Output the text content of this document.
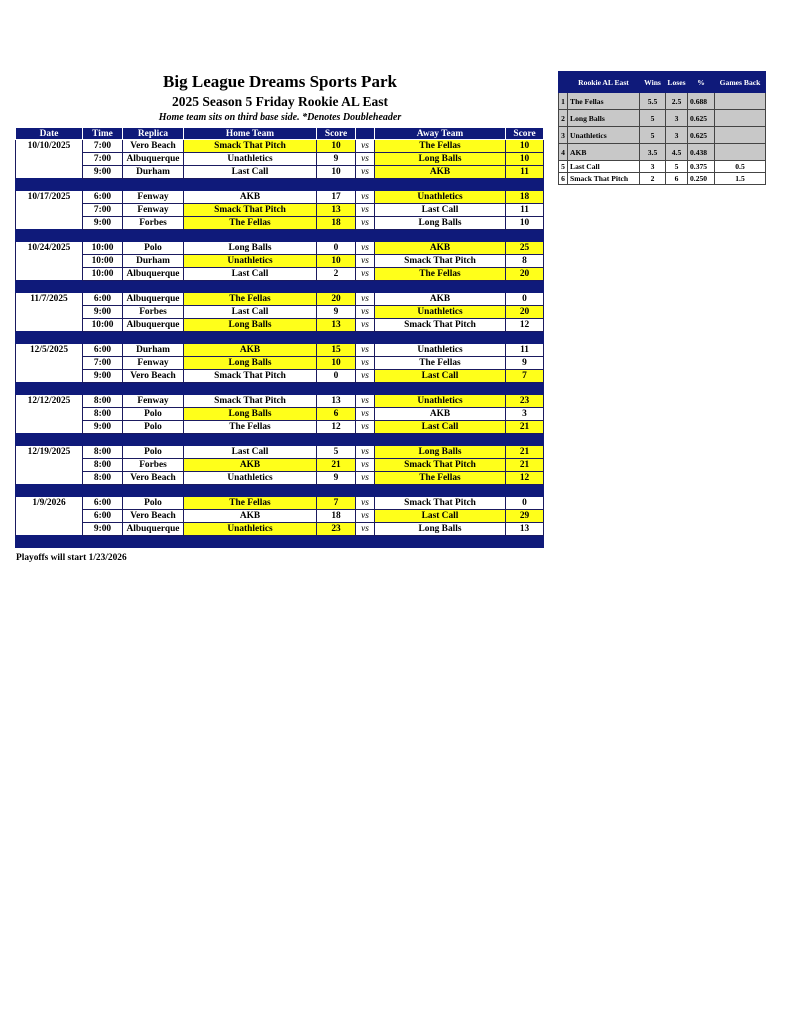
Big League Dreams Sports Park
2025 Season 5 Friday Rookie AL East
Home team sits on third base side. *Denotes Doubleheader
Date	Time	Replica	Home Team	Score		Away Team	Score
10/10/2025	7:00	Vero Beach	Smack That Pitch	10	vs	The Fellas	10
	7:00	Albuquerque	Unathletics	9	vs	Long Balls	10
	9:00	Durham	Last Call	10	vs	AKB	11

10/17/2025	6:00	Fenway	AKB	17	vs	Unathletics	18
	7:00	Fenway	Smack That Pitch	13	vs	Last Call	11
	9:00	Forbes	The Fellas	18	vs	Long Balls	10

10/24/2025	10:00	Polo	Long Balls	0	vs	AKB	25
	10:00	Durham	Unathletics	10	vs	Smack That Pitch	8
	10:00	Albuquerque	Last Call	2	vs	The Fellas	20

11/7/2025	6:00	Albuquerque	The Fellas	20	vs	AKB	0
	9:00	Forbes	Last Call	9	vs	Unathletics	20
	10:00	Albuquerque	Long Balls	13	vs	Smack That Pitch	12

12/5/2025	6:00	Durham	AKB	15	vs	Unathletics	11
	7:00	Fenway	Long Balls	10	vs	The Fellas	9
	9:00	Vero Beach	Smack That Pitch	0	vs	Last Call	7

12/12/2025	8:00	Fenway	Smack That Pitch	13	vs	Unathletics	23
	8:00	Polo	Long Balls	6	vs	AKB	3
	9:00	Polo	The Fellas	12	vs	Last Call	21

12/19/2025	8:00	Polo	Last Call	5	vs	Long Balls	21
	8:00	Forbes	AKB	21	vs	Smack That Pitch	21
	8:00	Vero Beach	Unathletics	9	vs	The Fellas	12

1/9/2026	6:00	Polo	The Fellas	7	vs	Smack That Pitch	0
	6:00	Vero Beach	AKB	18	vs	Last Call	29
	9:00	Albuquerque	Unathletics	23	vs	Long Balls	13

Playoffs will start 1/23/2026
	Rookie AL East	Wins	Loses	%	Games Back
1	The Fellas	5.5	2.5	0.688	
2	Long Balls	5	3	0.625	
3	Unathletics	5	3	0.625	
4	AKB	3.5	4.5	0.438	
5	Last Call	3	5	0.375	0.5
6	Smack That Pitch	2	6	0.250	1.5
